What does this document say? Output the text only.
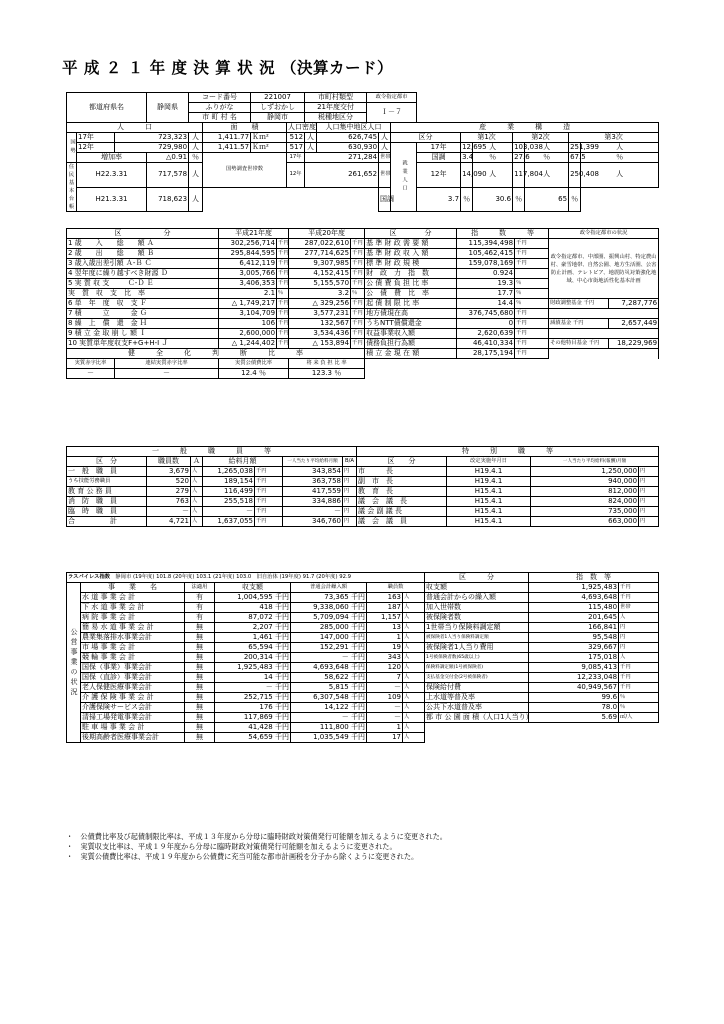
平 成 ２ １ 年 度 決 算 状 況 （決算カード）
都道府県名			静岡県	コード番号		221007		市町村類型		政令指定都市									
				ふりがな		しずおかし		21年度交付		Ｉ－７									
				市 町 村 名		静岡市		税種地区分											
人　　　口					面　　積		人口密度		人口集中地区人口			産　　　業　　　構　　　造							
国勢	17年	723,323		人	1,411.77	Ｋｍ²	512	人	626,745		人	区分		第1次		第2次		第3次	
	12年	729,980		人	1,411.57	Ｋｍ²	517	人	630,930		人	就業人口	17年	12,695	人	103,038	人	251,399	人
	増加率		△0.91	％	国勢調査世帯数		17年	271,284			世帯		国調	3.4	％	27.6	％	67.5	％
住民基本台帳	H22.3.31		717,578	人			12年	261,652			世帯		12年	14,090	人	117,804	人	250,408	人
	H21.3.31		718,623	人							国調		3.7	％	30.6	％	65	％	
区　　　　　　分		平成21年度		平成20年度		区　　　　分	指　　　数　　　等		政令指定都市の状況	
1 歳　　入　　総　　額 Ａ		302,256,714	千円	287,022,610	千円	基 準 財 政 需 要 額	115,394,498	千円	政令指定都市、中部圏、振興山村、特定農山村、豪雪地帯、自然公園、地方生活圏、公害防止計画、テレトピア、地震防災対策強化地域、中心市街地活性化基本計画	
2 歳　　出　　総　　額 Ｂ		295,844,595	千円	277,714,625	千円	基 準 財 政 収 入 額	105,462,415	千円		
3 歳入歳出差引額 Ａ-Ｂ Ｃ		6,412,119	千円	9,307,985	千円	標 準 財 政 規 模	159,078,169	千円		
4 翌年度に繰り越すべき財源 Ｄ		3,005,766	千円	4,152,415	千円	財　政　力　指　数	0.924			
5 実 質 収 支 　　 Ｃ-Ｄ Ｅ		3,406,353	千円	5,155,570	千円	公 債 費 負 担 比 率	19.3	％		
実　質　収　支　比　率		2.1	％	3.2	％	公　債　費　比　率	17.7	％		
6 単　年　度　収　支 Ｆ		△ 1,749,217	千円	△ 329,256	千円	起 債 制 限 比 率	14.4	％	財政調整基金 千円	7,287,776
7 積　　　立　　　金 Ｇ		3,104,709	千円	3,577,231	千円	地方債現在高	376,745,680	千円		
8 繰　上　償　還　金 Ｈ		106	千円	132,567	千円	うちNTT債償還金	0	千円	減債基金 千円	2,657,449
9 積 立 金 取 崩 し 額 Ｉ		2,600,000	千円	3,534,436	千円	収益事業収入額	2,620,639	千円		
10 実質単年度収支F+G+H-I Ｊ		△ 1,244,402	千円	△ 153,894	千円	債務負担行為額	46,410,334	千円	その他特目基金 千円	18,229,969
健　　　全　　　化　　　判　　　断　　　比　　　率						積 立 金 現 在 額	28,175,194	千円		
実質赤字比率	連結実質赤字比率	実質公債費比率		将 来 負 担 比 率						
－	－	12.4 ％		123.3 ％						
一　　　般　　　職　　　員　　　等							特　　　別　　　職　　　等			
区　分	職員数	Ａ	給料月額		一人当たり平均給料月額	B/A	区　　分	改定実施年月日	一人当たり平均給料(報酬)月額	
一　般　職　員	3,679	人	1,265,038	千円	343,854	円	市　　　長	H19.4.1	1,250,000	円
うち技能労務職員	520	人	189,154	千円	363,758	円	副　市　長	H19.4.1	940,000	円
教 育 公 務 員	279	人	116,499	千円	417,559	円	教　育　長	H15.4.1	812,000	円
消　防　職　員	763	人	255,518	千円	334,886	円	議　会　議　長	H15.4.1	824,000	円
臨　時　職　員	－	人	－	千円	－	円	議 会 副 議 長	H15.4.1	735,000	円
合　　　　　計	4,721	人	1,637,055	千円	346,760	円	議　会　議　員	H15.4.1	663,000	円
ラスパイレス指数　 静岡市 (19年度) 101.8 (20年度) 103.1 (21年度) 103.0　 旧自治体 (19年度) 91.7 (20年度) 92.9							区　　　分	指　数　等	
公営事業の状況	事　　業　　名	法適用	収支額	普通会計繰入額	職員数		収支額	1,925,483	千円
	水 道 事 業 会 計	有	1,004,595 千円	73,365 千円	163	人	普通会計からの繰入額	4,693,648	千円
	下 水 道 事 業 会 計	有	418 千円	9,338,060 千円	187	人	加入世帯数	115,480	世帯
	病 院 事 業 会 計	有	87,072 千円	5,709,094 千円	1,157	人	被保険者数	201,645	人
	簡 易 水 道 事 業 会 計	無	2,207 千円	285,000 千円	13	人	1世帯当り保険料調定額	166,841	円
	農業集落排水事業会計	無	1,461 千円	147,000 千円	1	人	被保険者1人当り保険料調定額	95,548	円
	市 場 事 業 会 計	無	65,594 千円	152,291 千円	19	人	被保険者1人当り費用	329,667	円
	競 輪 事 業 会 計	無	200,314 千円	－ 千円	343	人	1号被保険者数(65歳以上)	175,018	人
	国保（事業）事業会計	無	1,925,483 千円	4,693,648 千円	120	人	保険料調定額(1号被保険者)	9,085,413	千円
	国保（直診）事業会計	無	14 千円	58,622 千円	7	人	支払基金交付金(2号被保険者)	12,233,048	千円
	老人保健医療事業会計	無	－ 千円	5,815 千円	－	人	保険給付費	40,949,567	千円
	介 護 保 険 事 業 会 計	無	252,715 千円	6,307,548 千円	109	人	上水道等普及率	99.6	％
	介護保険サービス会計	無	176 千円	14,122 千円	－	人	公共下水道普及率	78.0	％
	清掃工場発電事業会計	無	117,869 千円	－ 千円	－	人	都 市 公 園 面 積（人口1人当り）	5.69	㎡/人
	駐 車 場 事 業 会 計	無	41,428 千円	111,800 千円	1	人			
	後期高齢者医療事業会計	無	54,659 千円	1,035,549 千円	17	人			
・　公債費比率及び起債制限比率は、平成１３年度から分母に臨時財政対策債発行可能額を加えるように変更された。
・　実質収支比率は、平成１９年度から分母に臨時財政対策債発行可能額を加えるように変更された。
・　実質公債費比率は、平成１９年度から公債費に充当可能な都市計画税を分子から除くように変更された。
